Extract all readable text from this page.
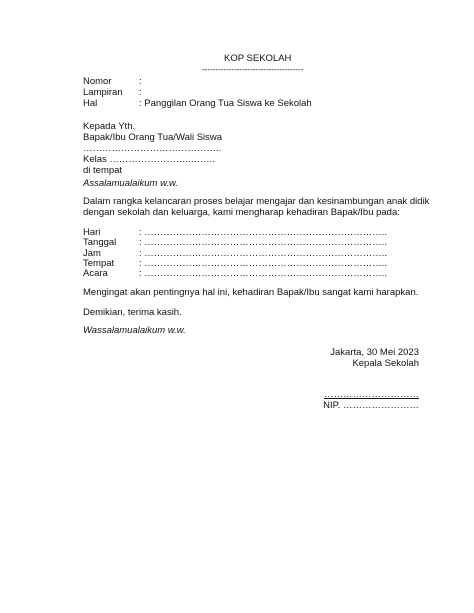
KOP SEKOLAH
--------------------------------------
Nomor	:
Lampiran :
Hal	: Panggilan Orang Tua Siswa ke Sekolah
Kepada Yth.
Bapak/Ibu Orang Tua/Wali Siswa
……………………………………..
Kelas ……………………..……..
di tempat
Assalamualaikum w.w.
Dalam rangka kelancaran proses belajar mengajar dan kesinambungan anak didik
dengan sekolah dan keluarga, kami mengharap kehadiran Bapak/Ibu pada:
Hari	: …………………………………………………………………..
Tanggal : …………………………………………………………………..
Jam	: …………………………………………………………………..
Tempat	: …………………………………………………………………..
Acara	: …………………………………………………………………..
Mengingat akan pentingnya hal ini, kehadiran Bapak/Ibu sangat kami harapkan.
Demikian, terima kasih.
Wassalamualaikum w.w.
Jakarta, 30 Mei 2023
Kepala Sekolah
…………………………
NIP. ……………………
